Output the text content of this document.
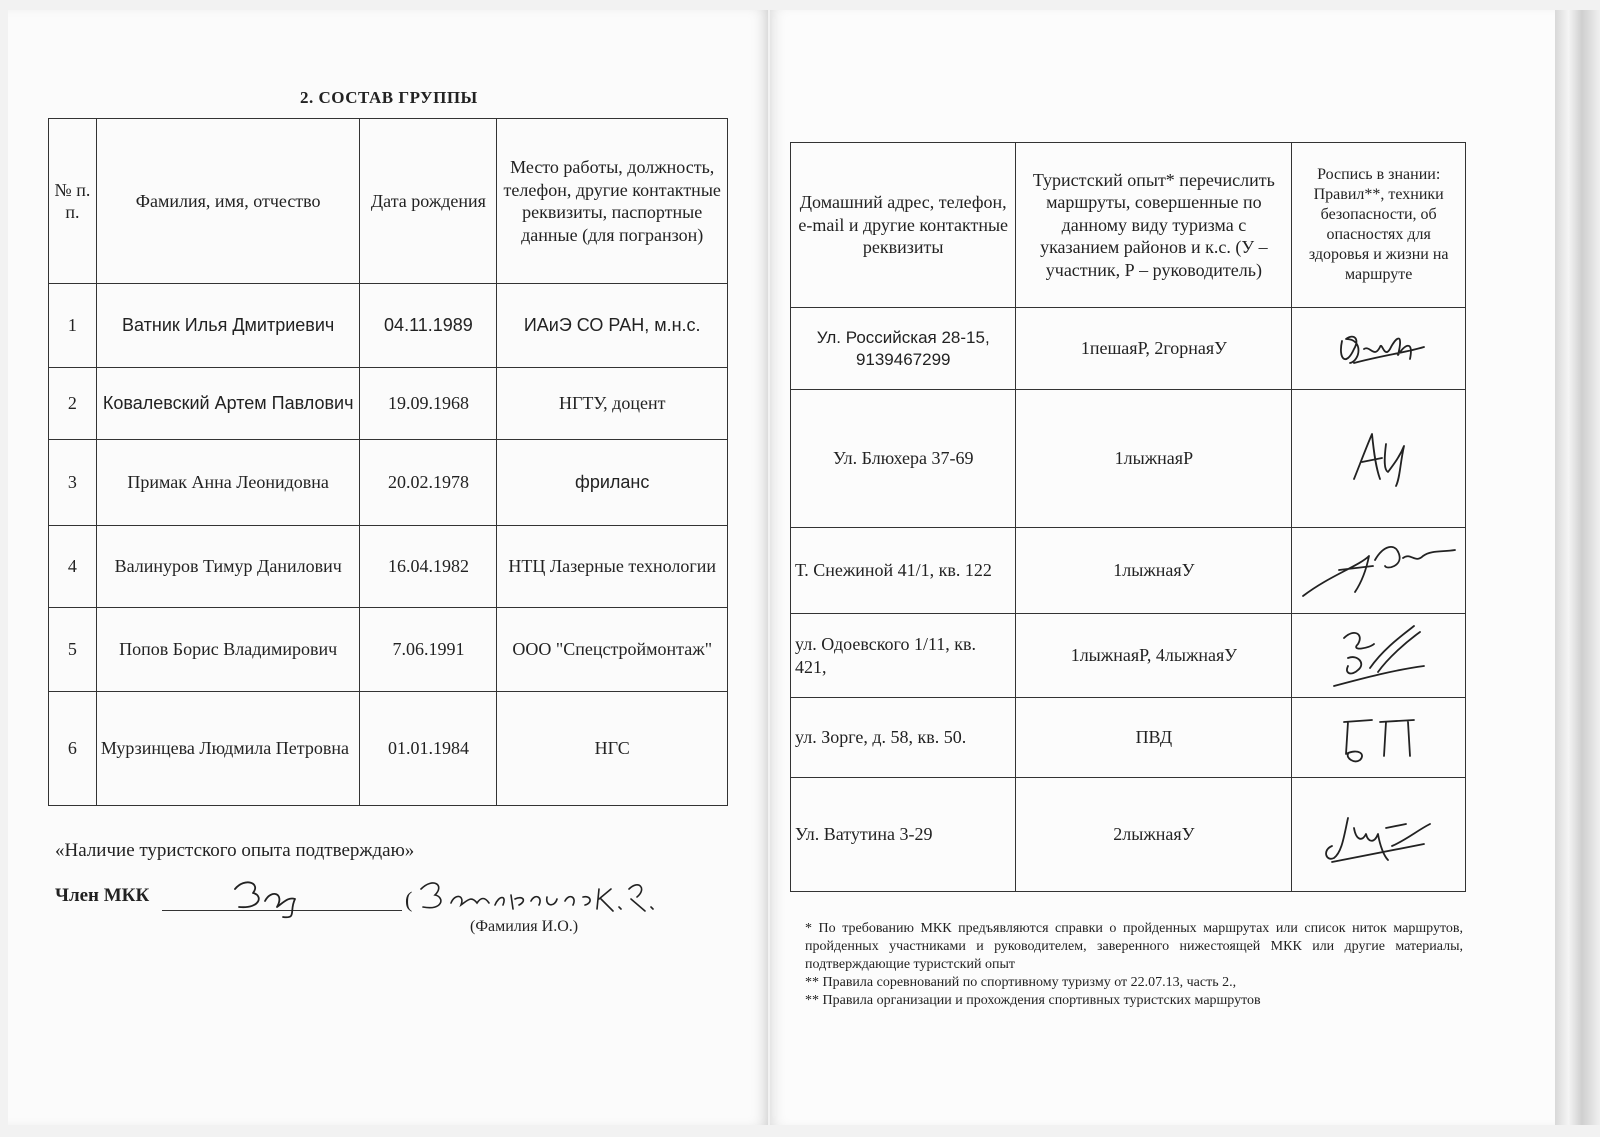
2. СОСТАВ ГРУППЫ
№ п. п.	Фамилия, имя, отчество	Дата рождения	Место работы, должность, телефон, другие контактные реквизиты, паспортные данные (для погранзон)
1	Ватник Илья Дмитриевич	04.11.1989	ИАиЭ СО РАН, м.н.с.
2	Ковалевский Артем Павлович	19.09.1968	НГТУ, доцент
3	Примак Анна Леонидовна	20.02.1978	фриланс
4	Валинуров Тимур Данилович	16.04.1982	НТЦ Лазерные технологии
5	Попов Борис Владимирович	7.06.1991	ООО "Спецстроймонтаж"
6	Мурзинцева Людмила Петровна	01.01.1984	НГС
«Наличие туристского опыта подтверждаю»
Член МКК	(
(Фамилия И.О.)
Домашний адрес, телефон, e-mail и другие контактные реквизиты	Туристский опыт* перечислить маршруты, совершенные по данному виду туризма с указанием районов и к.с. (У – участник, Р – руководитель)	Роспись в знании: Правил**, техники безопасности, об опасностях для здоровья и жизни на маршруте
Ул. Российская 28-15, 9139467299	1пешаяР, 2горнаяУ	

Ул. Блюхера 37-69	1лыжнаяР	

Т. Снежиной 41/1, кв. 122	1лыжнаяУ	

ул. Одоевского 1/11, кв. 421,	1лыжнаяР, 4лыжнаяУ	

ул. Зорге, д. 58, кв. 50.	ПВД	

Ул. Ватутина 3-29	2лыжнаяУ	

* По требованию МКК предъявляются справки о пройденных маршрутах или список ниток маршрутов, пройденных участниками и руководителем, заверенного нижестоящей МКК или другие материалы, подтверждающие туристский опыт

** Правила соревнований по спортивному туризму от 22.07.13, часть 2.,

** Правила организации и прохождения спортивных туристских маршрутов
